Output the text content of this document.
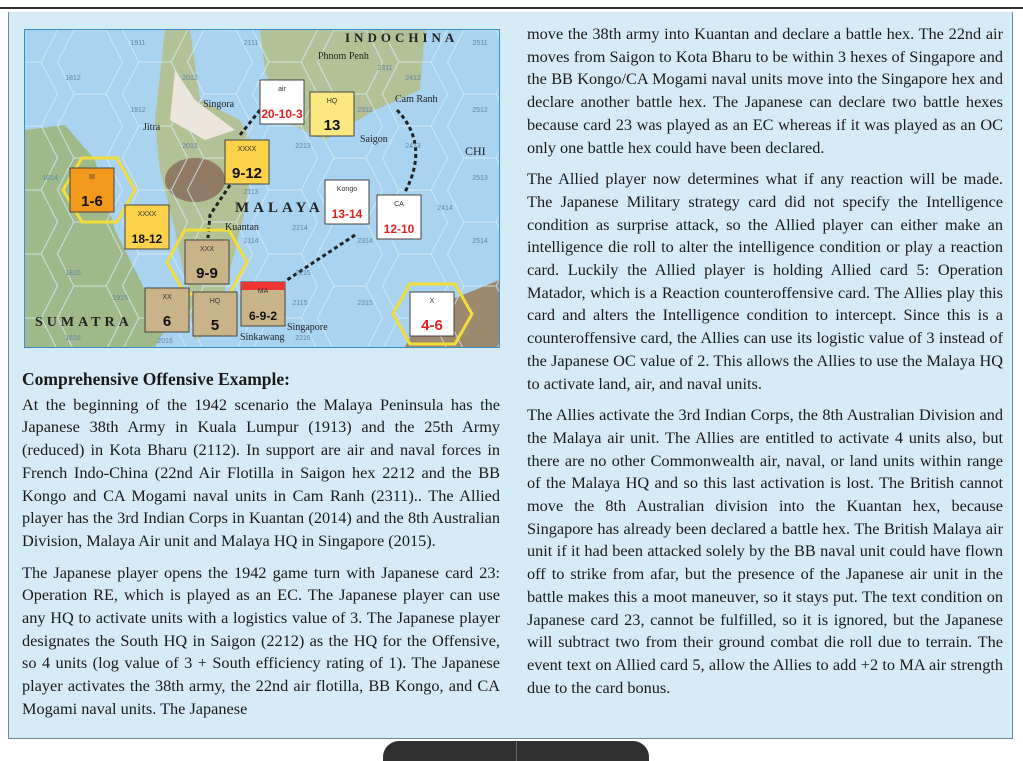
III
1-6
XXXX
18-12
XXXX
9-12
air
20-10-3
HQ
13
Kongo
13-14
CA
12-10
XXX
9-9
XX
6
HQ
5
MA
6-9-2
X
4-6
1911	2111
2311
2511
1812	2012	2412
1912	2312	2512
2013	2213	2413
1814
2113
2513
2214
2414
2114	2314	2514
1815	2215
1915
2115	2315
1816	2016	2216
INDOCHINA
Phnom Penh
Singora	Cam Ranh
Saigon
Jitra
MALAYA
Kuantan
Singapore
SUMATRA
Sinkawang
CHI
Comprehensive Offensive Example:

At the beginning of the 1942 scenario the Malaya Peninsula has the Japanese 38th Army in Kuala Lumpur (1913) and the 25th Army (reduced) in Kota Bharu (2112). In support are air and naval forces in French Indo-China (22nd Air Flotilla in Saigon hex 2212 and the BB Kongo and CA Mogami naval units in Cam Ranh (2311).. The Allied player has the 3rd Indian Corps in Kuantan (2014) and the 8th Australian Division, Malaya Air unit and Malaya HQ in Singapore (2015).

The Japanese player opens the 1942 game turn with Japanese card 23: Operation RE, which is played as an EC. The Japanese player can use any HQ to activate units with a logistics value of 3. The Japanese player designates the South HQ in Saigon (2212) as the HQ for the Offensive, so 4 units (log value of 3 + South efficiency rating of 1). The Japanese player activates the 38th army, the 22nd air flotilla, BB Kongo, and CA Mogami naval units. The Japanese

move the 38th army into Kuantan and declare a battle hex. The 22nd air moves from Saigon to Kota Bharu to be within 3 hexes of Singapore and the BB Kongo/CA Mogami naval units move into the Singapore hex and declare another battle hex. The Japanese can declare two battle hexes because card 23 was played as an EC whereas if it was played as an OC only one battle hex could have been declared.

The Allied player now determines what if any reaction will be made. The Japanese Military strategy card did not specify the Intelligence condition as surprise attack, so the Allied player can either make an intelligence die roll to alter the intelligence condition or play a reaction card. Luckily the Allied player is holding Allied card 5: Operation Matador, which is a Reaction counteroffensive card. The Allies play this card and alters the Intelligence condition to intercept. Since this is a counteroffensive card, the Allies can use its logistic value of 3 instead of the Japanese OC value of 2. This allows the Allies to use the Malaya HQ to activate land, air, and naval units.

The Allies activate the 3rd Indian Corps, the 8th Australian Division and the Malaya air unit. The Allies are entitled to activate 4 units also, but there are no other Commonwealth air, naval, or land units within range of the Malaya HQ and so this last activation is lost. The British cannot move the 8th Australian division into the Kuantan hex, because Singapore has already been declared a battle hex. The British Malaya air unit if it had been attacked solely by the BB naval unit could have flown off to strike from afar, but the presence of the Japanese air unit in the battle makes this a moot maneuver, so it stays put. The text condition on Japanese card 23, cannot be fulfilled, so it is ignored, but the Japanese will subtract two from their ground combat die roll due to terrain. The event text on Allied card 5, allow the Allies to add +2 to MA air strength due to the card bonus.
